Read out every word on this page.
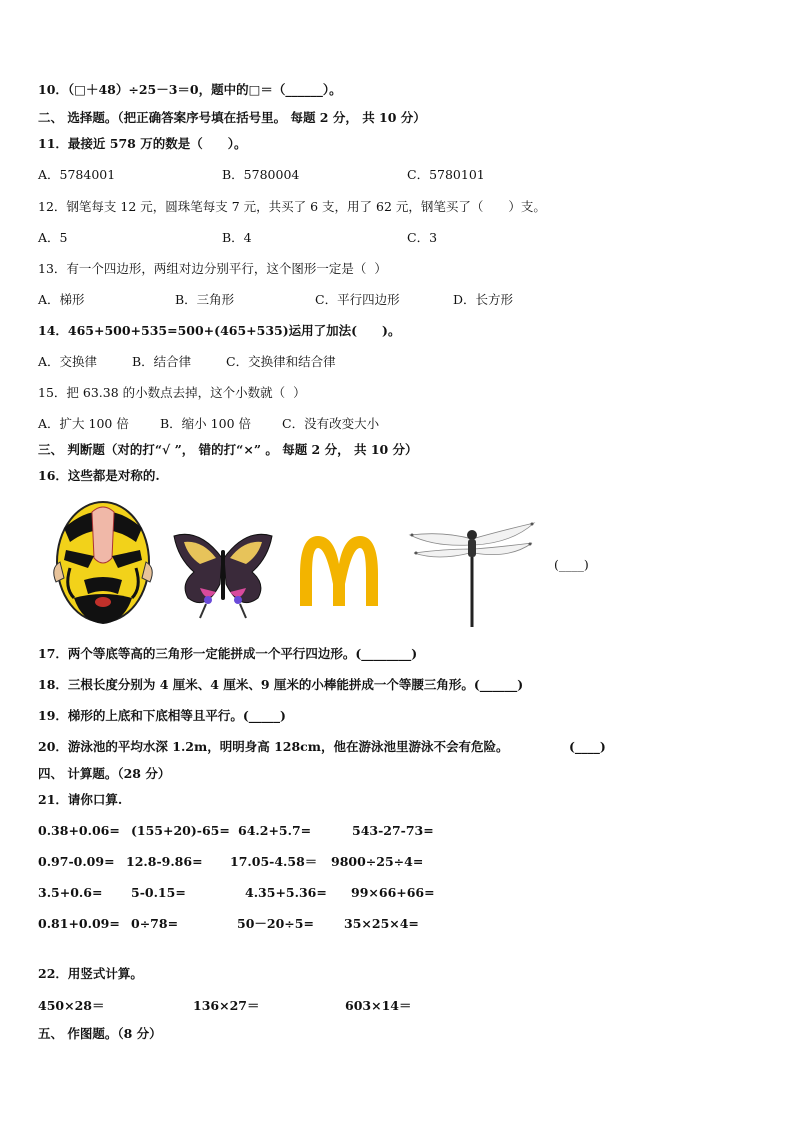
10．（□＋48）÷25－3＝0，题中的□＝（______）。
二、 选择题。（把正确答案序号填在括号里。 每题 2 分， 共 10 分）
11．最接近 578 万的数是（　　）。
A．5784001	B．5780004	C．5780101
12．钢笔每支 12 元，圆珠笔每支 7 元，共买了 6 支，用了 62 元，钢笔买了（　　）支。
A．5	B．4	C．3
13．有一个四边形，两组对边分别平行，这个图形一定是（  ）
A．梯形	B．三角形	C．平行四边形	D．长方形
14．465+500+535=500+(465+535)运用了加法(　　)。
A．交换律	B．结合律	C．交换律和结合律
15．把 63.38 的小数点去掉，这个小数就（  ）
A．扩大 100 倍 B．缩小 100 倍 C．没有改变大小
三、 判断题（对的打“√ ”， 错的打“×” 。 每题 2 分， 共 10 分）
16．这些都是对称的.
(____)
17．两个等底等高的三角形一定能拼成一个平行四边形。(________)
18．三根长度分别为 4 厘米、4 厘米、9 厘米的小棒能拼成一个等腰三角形。(______)
19．梯形的上底和下底相等且平行。(_____)
20．游泳池的平均水深 1.2m，明明身高 128cm，他在游泳池里游泳不会有危险。	(____)
四、 计算题。（28 分）
21．请你口算.
0.38+0.06= (155+20)-65= 64.2+5.7=	543-27-73=
0.97-0.09= 12.8-9.86= 17.05-4.58＝ 9800÷25÷4=
3.5+0.6= 5-0.15=	4.35+5.36= 99×66+66=
0.81+0.09= 0÷78=	50－20÷5= 35×25×4=
22．用竖式计算。
450×28＝	136×27＝	603×14＝
五、 作图题。（8 分）
